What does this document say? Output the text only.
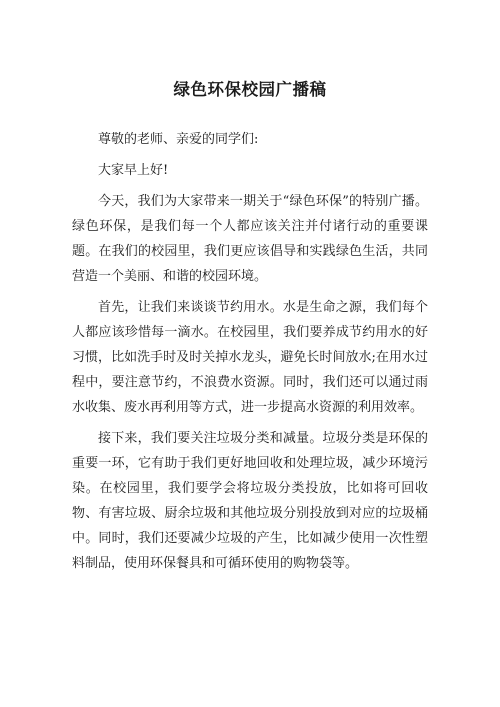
绿色环保校园广播稿

尊敬的老师、亲爱的同学们:

大家早上好!

今天，我们为大家带来一期关于“绿色环保”的特别广播。绿色环保，是我们每一个人都应该关注并付诸行动的重要课题。在我们的校园里，我们更应该倡导和实践绿色生活，共同营造一个美丽、和谐的校园环境。

首先，让我们来谈谈节约用水。水是生命之源，我们每个人都应该珍惜每一滴水。在校园里，我们要养成节约用水的好习惯，比如洗手时及时关掉水龙头，避免长时间放水;在用水过程中，要注意节约，不浪费水资源。同时，我们还可以通过雨水收集、废水再利用等方式，进一步提高水资源的利用效率。

接下来，我们要关注垃圾分类和减量。垃圾分类是环保的重要一环，它有助于我们更好地回收和处理垃圾，减少环境污染。在校园里，我们要学会将垃圾分类投放，比如将可回收物、有害垃圾、厨余垃圾和其他垃圾分别投放到对应的垃圾桶中。同时，我们还要减少垃圾的产生，比如减少使用一次性塑料制品，使用环保餐具和可循环使用的购物袋等。
